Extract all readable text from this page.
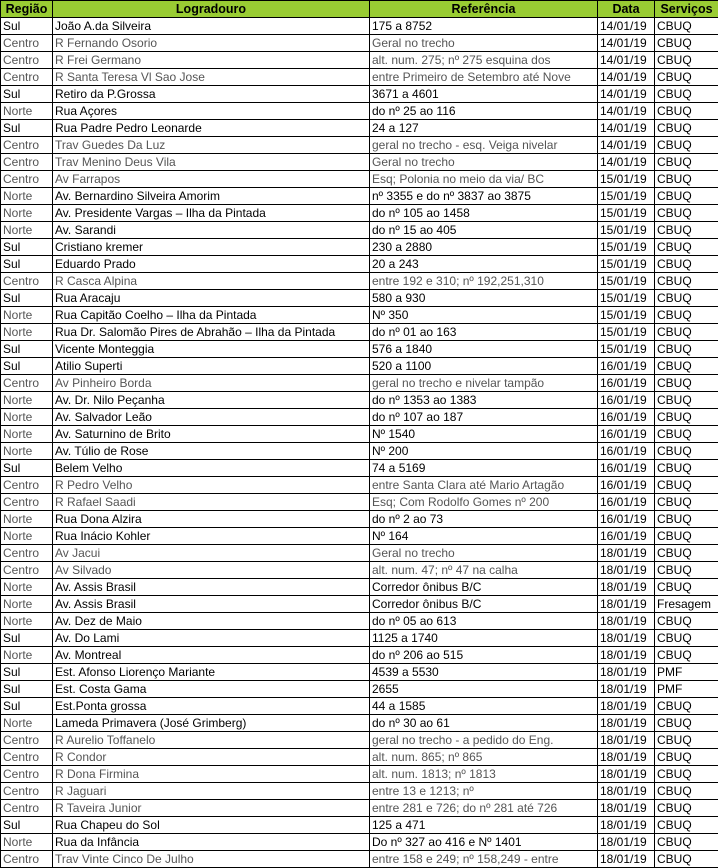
Região	Logradouro	Referência	Data	Serviços
Sul	João A.da Silveira	175 a 8752	14/01/19	CBUQ
Centro	R Fernando Osorio	Geral no trecho	14/01/19	CBUQ
Centro	R Frei Germano	alt. num. 275; nº 275 esquina dos	14/01/19	CBUQ
Centro	R Santa Teresa Vl Sao Jose	entre Primeiro de Setembro até Nove	14/01/19	CBUQ
Sul	Retiro da P.Grossa	3671 a 4601	14/01/19	CBUQ
Norte	Rua Açores	do nº 25 ao 116	14/01/19	CBUQ
Sul	Rua Padre Pedro Leonarde	24 a 127	14/01/19	CBUQ
Centro	Trav Guedes Da Luz	geral no trecho - esq. Veiga nivelar	14/01/19	CBUQ
Centro	Trav Menino Deus Vila	Geral no trecho	14/01/19	CBUQ
Centro	Av Farrapos	Esq; Polonia no meio da via/ BC	15/01/19	CBUQ
Norte	Av. Bernardino Silveira Amorim	nº 3355 e do nº 3837 ao 3875	15/01/19	CBUQ
Norte	Av. Presidente Vargas – Ilha da Pintada	do nº 105 ao 1458	15/01/19	CBUQ
Norte	Av. Sarandi	do nº 15 ao 405	15/01/19	CBUQ
Sul	Cristiano kremer	230 a 2880	15/01/19	CBUQ
Sul	Eduardo Prado	20 a 243	15/01/19	CBUQ
Centro	R Casca Alpina	entre 192 e 310; nº 192,251,310	15/01/19	CBUQ
Sul	Rua Aracaju	580 a 930	15/01/19	CBUQ
Norte	Rua Capitão Coelho – Ilha da Pintada	Nº 350	15/01/19	CBUQ
Norte	Rua Dr. Salomão Pires de Abrahão – Ilha da Pintada	do nº 01 ao 163	15/01/19	CBUQ
Sul	Vicente Monteggia	576 a 1840	15/01/19	CBUQ
Sul	Atilio Superti	520 a 1100	16/01/19	CBUQ
Centro	Av Pinheiro Borda	geral no trecho e nivelar tampão	16/01/19	CBUQ
Norte	Av. Dr. Nilo Peçanha	do nº 1353 ao 1383	16/01/19	CBUQ
Norte	Av. Salvador Leão	do nº 107 ao 187	16/01/19	CBUQ
Norte	Av. Saturnino de Brito	Nº 1540	16/01/19	CBUQ
Norte	Av. Túlio de Rose	Nº 200	16/01/19	CBUQ
Sul	Belem Velho	74 a 5169	16/01/19	CBUQ
Centro	R Pedro Velho	entre Santa Clara até Mario Artagão	16/01/19	CBUQ
Centro	R Rafael Saadi	Esq; Com Rodolfo Gomes nº 200	16/01/19	CBUQ
Norte	Rua Dona Alzira	do nº 2 ao 73	16/01/19	CBUQ
Norte	Rua Inácio Kohler	Nº 164	16/01/19	CBUQ
Centro	Av Jacui	Geral no trecho	18/01/19	CBUQ
Centro	Av Silvado	alt. num. 47; nº 47 na calha	18/01/19	CBUQ
Norte	Av. Assis Brasil	Corredor ônibus B/C	18/01/19	CBUQ
Norte	Av. Assis Brasil	Corredor ônibus B/C	18/01/19	Fresagem
Norte	Av. Dez de Maio	do nº 05 ao 613	18/01/19	CBUQ
Sul	Av. Do Lami	1125 a 1740	18/01/19	CBUQ
Norte	Av. Montreal	do nº 206 ao 515	18/01/19	CBUQ
Sul	Est. Afonso Liorenço Mariante	4539 a 5530	18/01/19	PMF
Sul	Est. Costa Gama	2655	18/01/19	PMF
Sul	Est.Ponta grossa	44 a 1585	18/01/19	CBUQ
Norte	Lameda Primavera (José Grimberg)	do nº 30 ao 61	18/01/19	CBUQ
Centro	R Aurelio Toffanelo	geral no trecho - a pedido do Eng.	18/01/19	CBUQ
Centro	R Condor	alt. num. 865; nº 865	18/01/19	CBUQ
Centro	R Dona Firmina	alt. num. 1813; nº 1813	18/01/19	CBUQ
Centro	R Jaguari	entre 13 e 1213; nº	18/01/19	CBUQ
Centro	R Taveira Junior	entre 281 e 726; do nº 281 até 726	18/01/19	CBUQ
Sul	Rua Chapeu do Sol	125 a 471	18/01/19	CBUQ
Norte	Rua da Infância	Do nº 327 ao 416 e Nº 1401	18/01/19	CBUQ
Centro	Trav Vinte Cinco De Julho	entre 158 e 249; nº 158,249 - entre	18/01/19	CBUQ
